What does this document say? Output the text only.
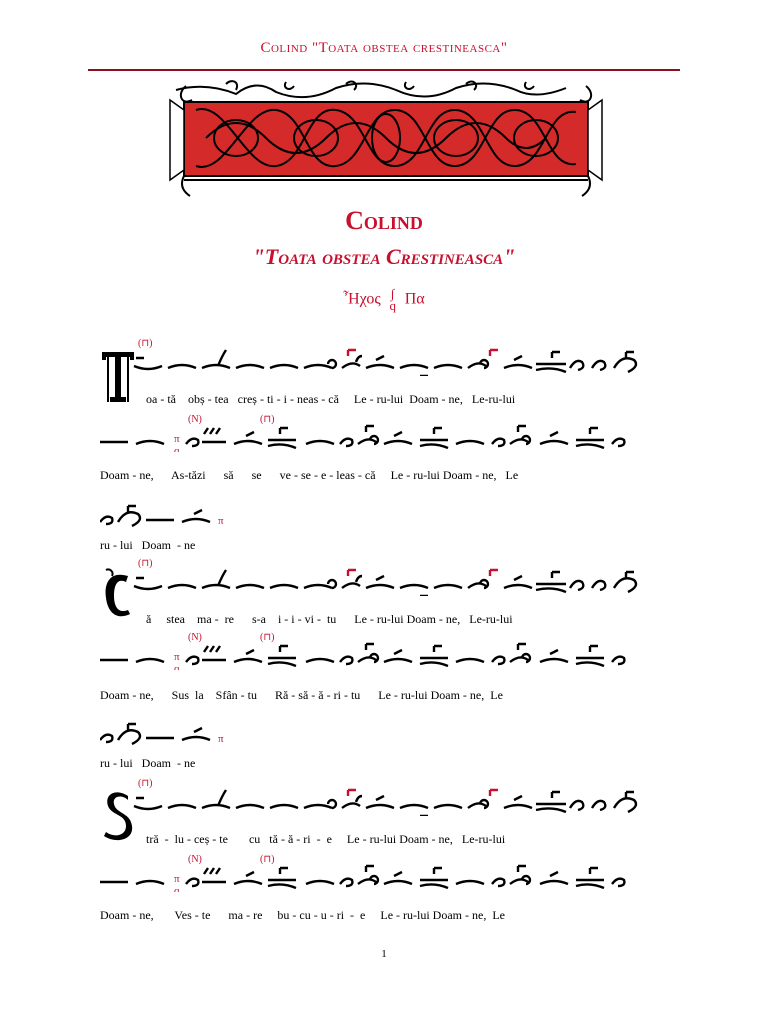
Colind "Toata obstea crestineasca"
Colind
"Toata obstea Crestineasca"
Ἦχος ∫
q Πα
oa - tă    obș - tea   creș - ti - i - neas - că     Le - ru-lui  Doam - ne,   Le-ru-lui
Doam - ne,      As-tăzi      să      se      ve - se - e - leas - că     Le - ru-lui Doam - ne,   Le
ru - lui   Doam  - ne
ă     stea    ma -  re      s-a    i - i - vi -  tu      Le - ru-lui Doam - ne,   Le-ru-lui
Doam - ne,      Sus  la    Sfân - tu      Ră - să - ă - ri - tu      Le - ru-lui Doam - ne,  Le
ru - lui   Doam  - ne
tră  -  lu - ceș - te       cu   tă - ă - ri  -  e     Le - ru-lui Doam - ne,   Le-ru-lui
Doam - ne,       Ves - te      ma - re     bu - cu - u - ri  -  e     Le - ru-lui Doam - ne,  Le
1
